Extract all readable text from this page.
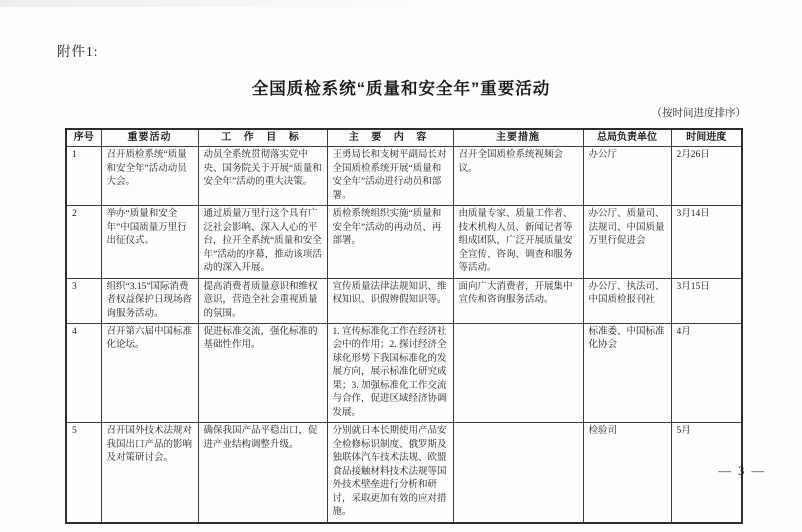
附件1:
全国质检系统“质量和安全年”重要活动
（按时间进度排序）
序号	重要活动	工 作 目 标	主 要 内 容	主要措施	总局负责单位	时间进度
1	召开质检系统“质量和安全年”活动动员大会。	动员全系统贯彻落实党中央、国务院关于开展“质量和安全年”活动的重大决策。	王勇局长和支树平副局长对全国质检系统开展“质量和安全年”活动进行动员和部署。	召开全国质检系统视频会议。	办公厅	2月26日
2	举办“质量和安全年”中国质量万里行出征仪式。	通过质量万里行这个具有广泛社会影响、深入人心的平台，拉开全系统“质量和安全年”活动的序幕，推动该项活动的深入开展。	质检系统组织实施“质量和安全年”活动的再动员、再部署。	由质量专家、质量工作者、技术机构人员、新闻记者等组成团队，广泛开展质量安全宣传、咨询、调查和服务等活动。	办公厅、质量司、法规司、中国质量万里行促进会	3月14日
3	组织“3.15”国际消费者权益保护日现场咨询服务活动。	提高消费者质量意识和维权意识，营造全社会重视质量的氛围。	宣传质量法律法规知识、维权知识、识假辨假知识等。	面向广大消费者，开展集中宣传和咨询服务活动。	办公厅、执法司、中国质检报刊社	3月15日
4	召开第六届中国标准化论坛。	促进标准交流，强化标准的基础性作用。	1. 宣传标准化工作在经济社会中的作用；2. 探讨经济全球化形势下我国标准化的发展方向，展示标准化研究成果；3. 加强标准化工作交流与合作，促进区域经济协调发展。		标准委、中国标准化协会	4月
5	召开国外技术法规对我国出口产品的影响及对策研讨会。	确保我国产品平稳出口，促进产业结构调整升级。	分别就日本长期使用产品安全检修标识制度、俄罗斯及独联体汽车技术法规、欧盟食品接触材料技术法规等国外技术壁垒进行分析和研讨，采取更加有效的应对措施。		检验司	5月
— 3 —
